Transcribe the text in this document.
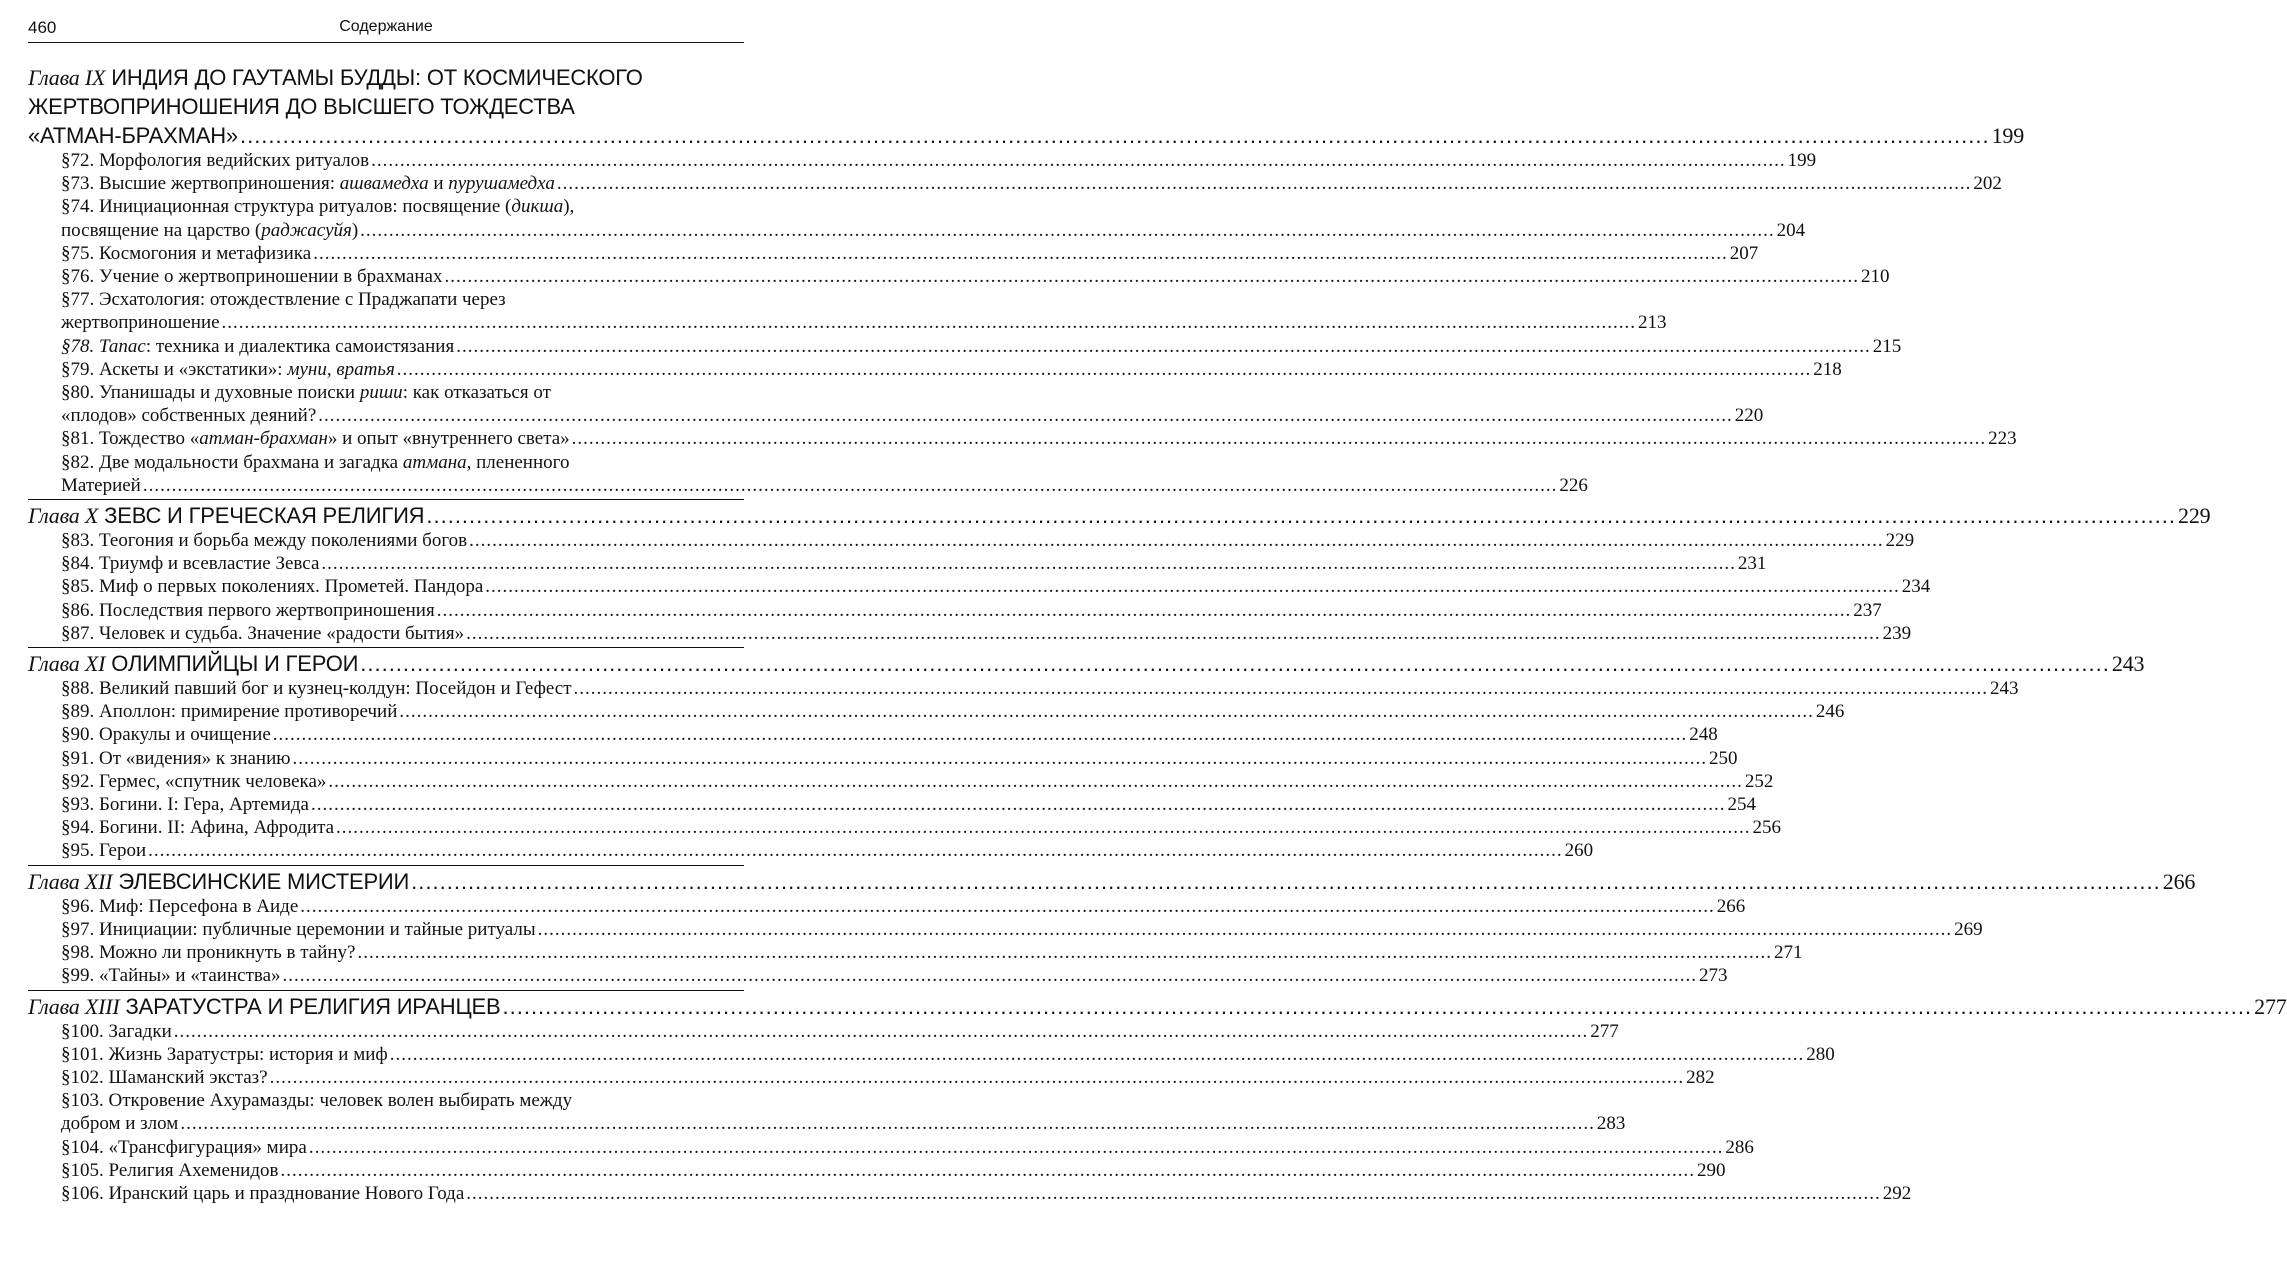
460	Содержание
Глава IX ИНДИЯ ДО ГАУТАМЫ БУДДЫ: ОТ КОСМИЧЕСКОГО
ЖЕРТВОПРИНОШЕНИЯ ДО ВЫСШЕГО ТОЖДЕСТВА
«АТМАН-БРАХМАН» .....	199
§72. Морфология ведийских ритуалов .....	199
§73. Высшие жертвоприношения: ашвамедха и пурушамедха .....	202
§74. Инициационная структура ритуалов: посвящение (дикша),
посвящение на царство (раджасуйя) .....	204
§75. Космогония и метафизика .....	207
§76. Учение о жертвоприношении в брахманах .....	210
§77. Эсхатология: отождествление с Праджапати через
жертвоприношение .....	213
§78. Тапас: техника и диалектика самоистязания .....	215
§79. Аскеты и «экстатики»: муни, вратья .....	218
§80. Упанишады и духовные поиски риши: как отказаться от
«плодов» собственных деяний? .....	220
§81. Тождество «атман-брахман» и опыт «внутреннего света» .....	223
§82. Две модальности брахмана и загадка атмана, плененного
Материей .....	226
Глава X ЗЕВС И ГРЕЧЕСКАЯ РЕЛИГИЯ .....	229
§83. Теогония и борьба между поколениями богов .....	229
§84. Триумф и всевластие Зевса .....	231
§85. Миф о первых поколениях. Прометей. Пандора .....	234
§86. Последствия первого жертвоприношения .....	237
§87. Человек и судьба. Значение «радости бытия» .....	239
Глава XI ОЛИМПИЙЦЫ И ГЕРОИ .....	243
§88. Великий павший бог и кузнец-колдун: Посейдон и Гефест .....	243
§89. Аполлон: примирение противоречий .....	246
§90. Оракулы и очищение .....	248
§91. От «видения» к знанию .....	250
§92. Гермес, «спутник человека» .....	252
§93. Богини. I: Гера, Артемида .....	254
§94. Богини. II: Афина, Афродита .....	256
§95. Герои .....	260
Глава XII ЭЛЕВСИНСКИЕ МИСТЕРИИ .....	266
§96. Миф: Персефона в Аиде .....	266
§97. Инициации: публичные церемонии и тайные ритуалы .....	269
§98. Можно ли проникнуть в тайну? .....	271
§99. «Тайны» и «таинства» .....	273
Глава XIII ЗАРАТУСТРА И РЕЛИГИЯ ИРАНЦЕВ .....	277
§100. Загадки .....	277
§101. Жизнь Заратустры: история и миф .....	280
§102. Шаманский экстаз? .....	282
§103. Откровение Ахурамазды: человек волен выбирать между
добром и злом .....	283
§104. «Трансфигурация» мира .....	286
§105. Религия Ахеменидов .....	290
§106. Иранский царь и празднование Нового Года .....	292
